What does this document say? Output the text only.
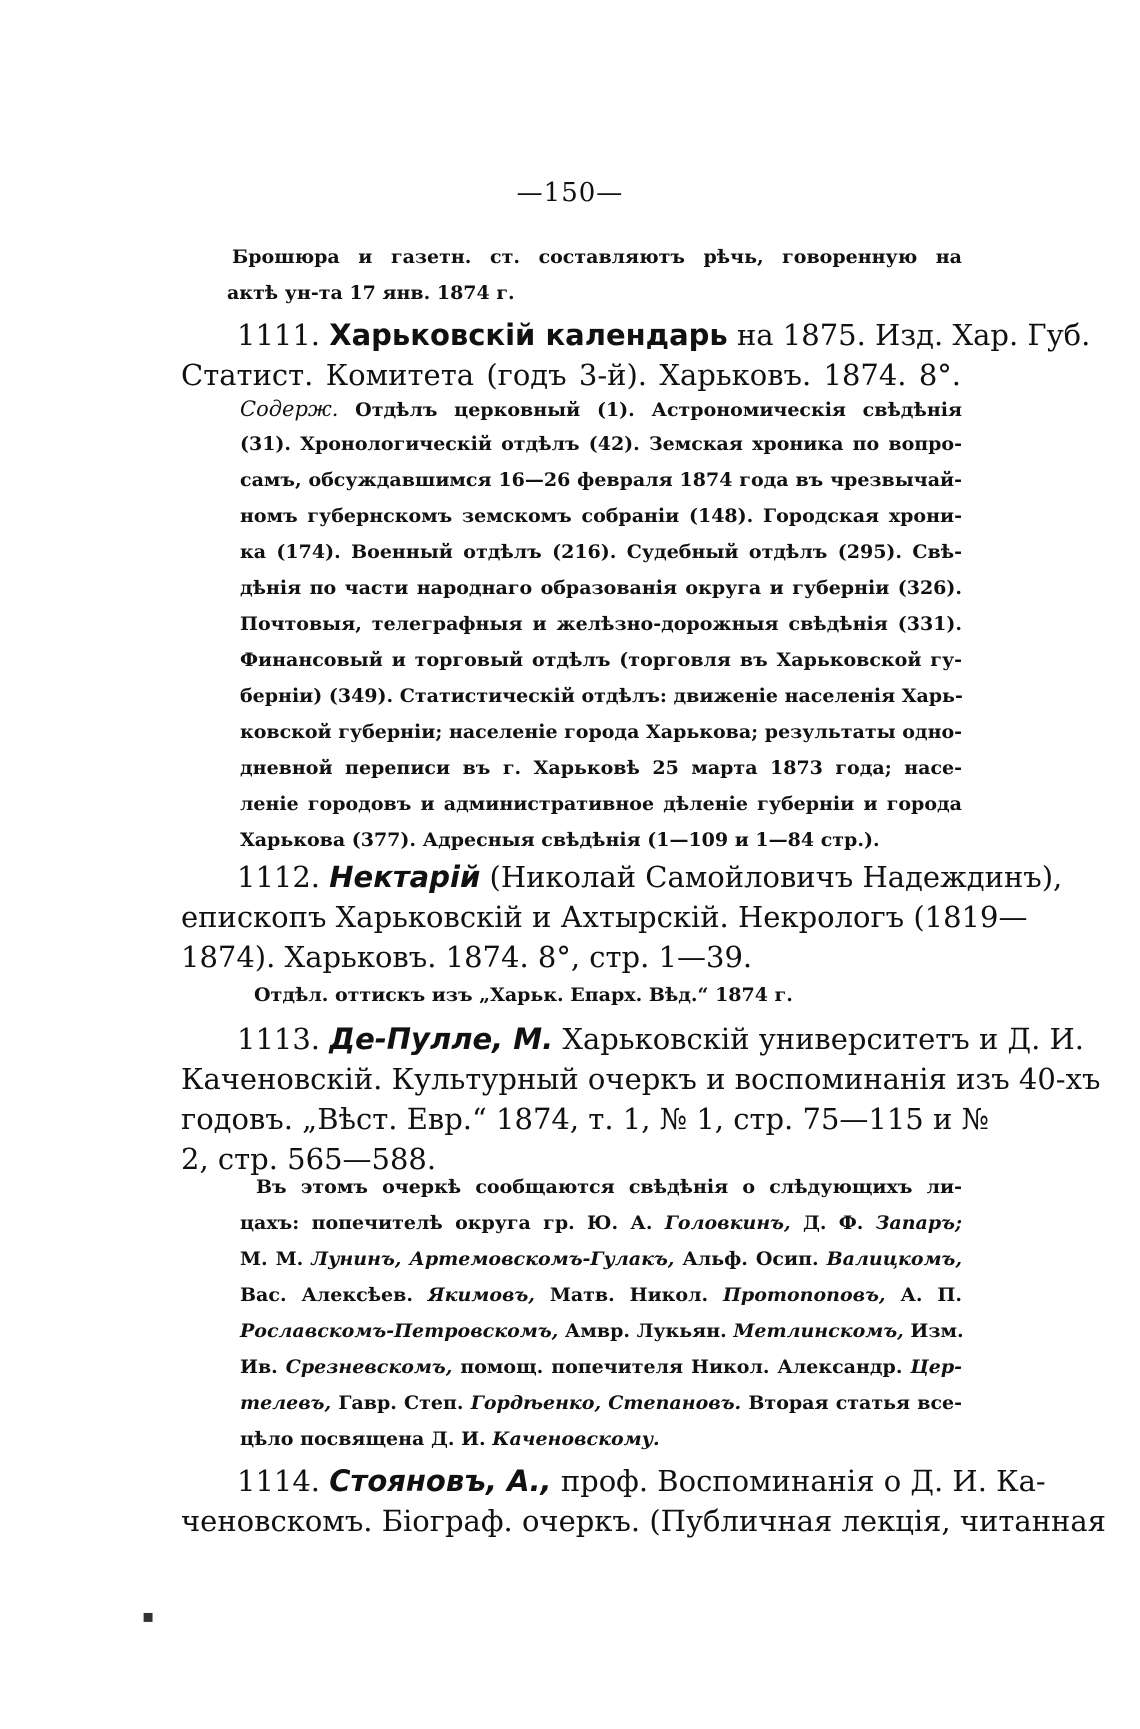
—150—
Брошюра и газетн. ст. составляютъ рѣчь, говоренную на
актѣ ун-та 17 янв. 1874 г.
1111. Харьковскій календарь на 1875. Изд. Хар. Губ.
Статист. Комитета (годъ 3-й). Харьковъ. 1874. 8°.
Содерж. Отдѣлъ церковный (1). Астрономическія свѣдѣнія
(31). Хронологическій отдѣлъ (42). Земская хроника по вопро-
самъ, обсуждавшимся 16—26 февраля 1874 года въ чрезвычай-
номъ губернскомъ земскомъ собраніи (148). Городская хрони-
ка (174). Военный отдѣлъ (216). Судебный отдѣлъ (295). Свѣ-
дѣнія по части народнаго образованія округа и губерніи (326).
Почтовыя, телеграфныя и желѣзно-дорожныя свѣдѣнія (331).
Финансовый и торговый отдѣлъ (торговля въ Харьковской гу-
берніи) (349). Статистическій отдѣлъ: движеніе населенія Харь-
ковской губерніи; населеніе города Харькова; результаты одно-
дневной переписи въ г. Харьковѣ 25 марта 1873 года; насе-
леніе городовъ и административное дѣленіе губерніи и города
Харькова (377). Адресныя свѣдѣнія (1—109 и 1—84 стр.).
1112. Нектарій (Николай Самойловичъ Надеждинъ),
епископъ Харьковскій и Ахтырскій. Некрологъ (1819—
1874). Харьковъ. 1874. 8°, стр. 1—39.
Отдѣл. оттискъ изъ „Харьк. Епарх. Вѣд.“ 1874 г.
1113. Де-Пулле, М. Харьковскій университетъ и Д. И.
Каченовскій. Культурный очеркъ и воспоминанія изъ 40-хъ
годовъ. „Вѣст. Евр.“ 1874, т. 1, № 1, стр. 75—115 и №
2, стр. 565—588.
Въ этомъ очеркѣ сообщаются свѣдѣнія о слѣдующихъ ли-
цахъ: попечителѣ округа гр. Ю. А. Головкинъ, Д. Ф. Запаръ;
М. М. Лунинъ, Артемовскомъ-Гулакъ, Альф. Осип. Валицкомъ,
Вас. Алексѣев. Якимовъ, Матв. Никол. Протопоповъ, А. П.
Рославскомъ-Петровскомъ, Амвр. Лукьян. Метлинскомъ, Изм.
Ив. Срезневскомъ, помощ. попечителя Никол. Александр. Цер-
телевъ, Гавр. Степ. Гордѣенко, Степановъ. Вторая статья все-
цѣло посвящена Д. И. Каченовскому.
1114. Стояновъ, А., проф. Воспоминанія о Д. И. Ка-
ченовскомъ. Біограф. очеркъ. (Публичная лекція, читанная
▪
